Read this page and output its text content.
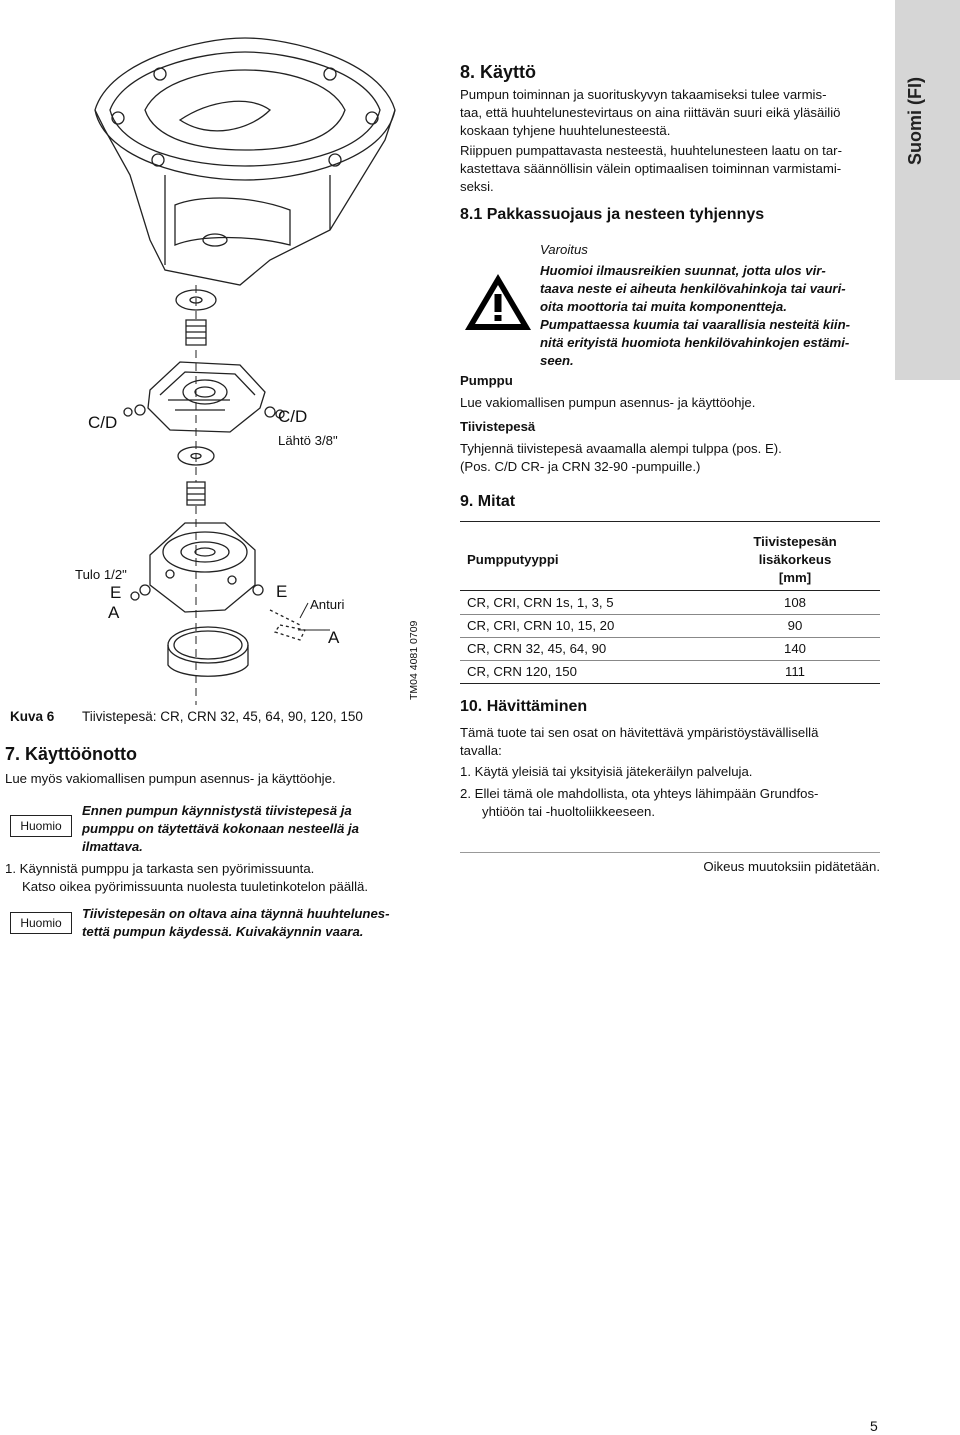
Suomi (FI)
C/D	C/D
Lähtö 3/8"
Tulo 1/2"
E
A
E
Anturi
A	TM04 4081 0709
Kuva 6 Tiivistepesä: CR, CRN 32, 45, 64, 90, 120, 150
7. Käyttöönotto

Lue myös vakiomallisen pumpun asennus- ja käyttöohje.

Huomio
Ennen pumpun käynnistystä tiivistepesä ja
pumppu on täytettävä kokonaan nesteellä ja
ilmattava.
1. Käynnistä pumppu ja tarkasta sen pyörimissuunta.
Katso oikea pyörimissuunta nuolesta tuuletinkotelon päällä.
Huomio
Tiivistepesän on oltava aina täynnä huuhtelunes-
tettä pumpun käydessä. Kuivakäynnin vaara.
8. Käyttö
Pumpun toiminnan ja suorituskyvyn takaamiseksi tulee varmis-
taa, että huuhtelunestevirtaus on aina riittävän suuri eikä yläsäiliö
koskaan tyhjene huuhtelunesteestä.
Riippuen pumpattavasta nesteestä, huuhtelunesteen laatu on tar-
kastettava säännöllisin välein optimaalisen toiminnan varmistami-
seksi.
8.1 Pakkassuojaus ja nesteen tyhjennys
Varoitus
Huomioi ilmausreikien suunnat, jotta ulos vir-
taava neste ei aiheuta henkilövahinkoja tai vauri-
oita moottoria tai muita komponentteja.
Pumpattaessa kuumia tai vaarallisia nesteitä kiin-
nitä erityistä huomiota henkilövahinkojen estämi-
seen.
Pumppu
Lue vakiomallisen pumpun asennus- ja käyttöohje.
Tiivistepesä
Tyhjennä tiivistepesä avaamalla alempi tulppa (pos. E).
(Pos. C/D CR- ja CRN 32-90 -pumpuille.)
9. Mitat
Pumpputyyppi
Tiivistepesän
lisäkorkeus
[mm]
CR, CRI, CRN 1s, 1, 3, 5	108
CR, CRI, CRN 10, 15, 20	90
CR, CRN 32, 45, 64, 90	140
CR, CRN 120, 150	111
10. Hävittäminen
Tämä tuote tai sen osat on hävitettävä ympäristöystävällisellä
tavalla:
1. Käytä yleisiä tai yksityisiä jätekeräilyn palveluja.
2. Ellei tämä ole mahdollista, ota yhteys lähimpään Grundfos-
yhtiöön tai -huoltoliikkeeseen.
Oikeus muutoksiin pidätetään.
5
